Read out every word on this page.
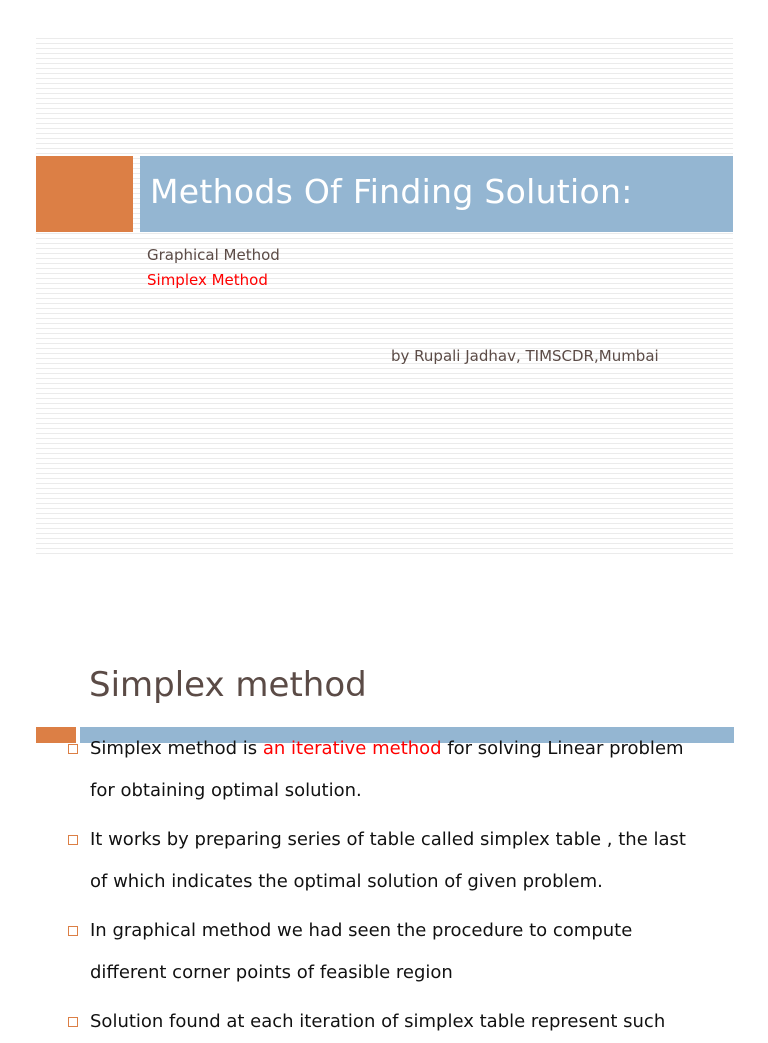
Methods Of Finding Solution:
Graphical Method
Simplex Method
by Rupali Jadhav, TIMSCDR,Mumbai
Simplex method
Simplex method is an iterative method for solving Linear problem for obtaining optimal solution.
It works by preparing series of table called simplex table , the last of which indicates the optimal solution of given problem.
In graphical method we had seen the procedure to compute different corner points of feasible region
Solution found at each iteration of simplex table represent such
